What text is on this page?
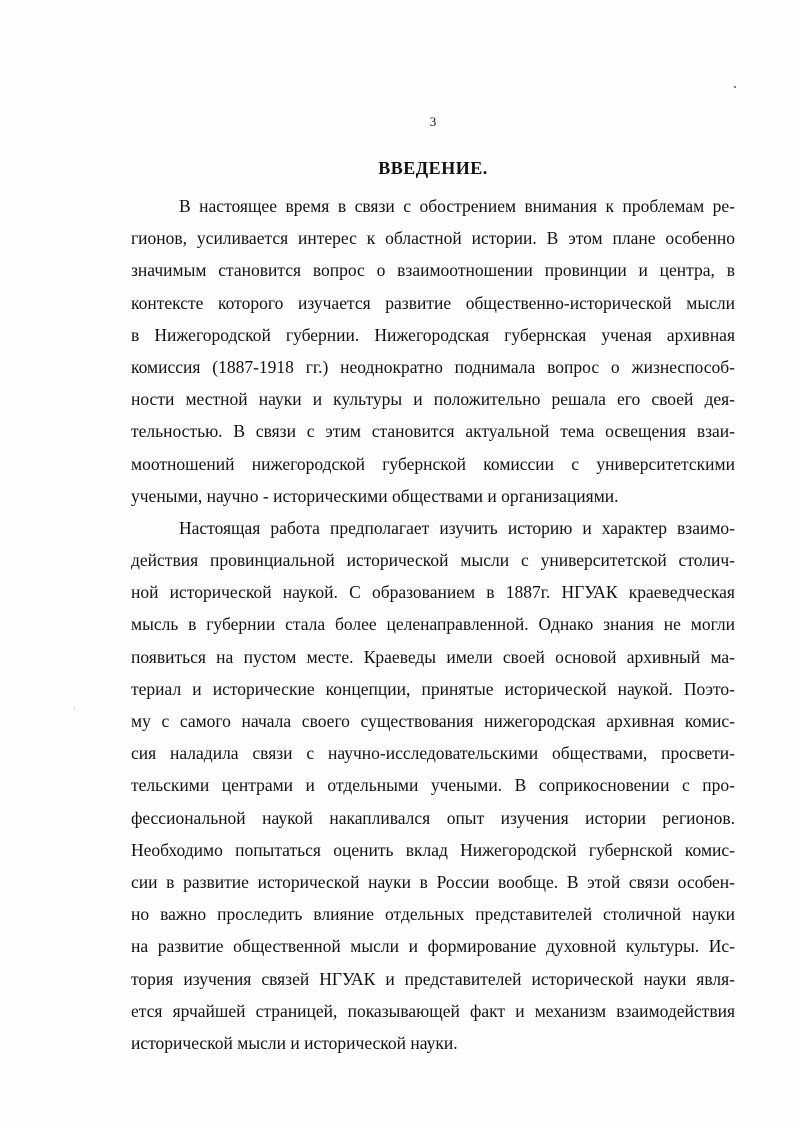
3
ВВЕДЕНИЕ.
В настоящее время в связи с обострением внимания к проблемам ре-
гионов, усиливается интерес к областной истории. В этом плане особенно
значимым становится вопрос о взаимоотношении провинции и центра, в
контексте которого изучается развитие общественно-исторической мысли
в Нижегородской губернии. Нижегородская губернская ученая архивная
комиссия (1887-1918 гг.) неоднократно поднимала вопрос о жизнеспособ-
ности местной науки и культуры и положительно решала его своей дея-
тельностью. В связи с этим становится актуальной тема освещения взаи-
моотношений нижегородской губернской комиссии с университетскими
учеными, научно - историческими обществами и организациями.
Настоящая работа предполагает изучить историю и характер взаимо-
действия провинциальной исторической мысли с университетской столич-
ной исторической наукой. С образованием в 1887г. НГУАК краеведческая
мысль в губернии стала более целенаправленной. Однако знания не могли
появиться на пустом месте. Краеведы имели своей основой архивный ма-
териал и исторические концепции, принятые исторической наукой. Поэто-
му с самого начала своего существования нижегородская архивная комис-
сия наладила связи с научно-исследовательскими обществами, просвети-
тельскими центрами и отдельными учеными. В соприкосновении с про-
фессиональной наукой накапливался опыт изучения истории регионов.
Необходимо попытаться оценить вклад Нижегородской губернской комис-
сии в развитие исторической науки в России вообще. В этой связи особен-
но важно проследить влияние отдельных представителей столичной науки
на развитие общественной мысли и формирование духовной культуры. Ис-
тория изучения связей НГУАК и представителей исторической науки явля-
ется ярчайшей страницей, показывающей факт и механизм взаимодействия
исторической мысли и исторической науки.
